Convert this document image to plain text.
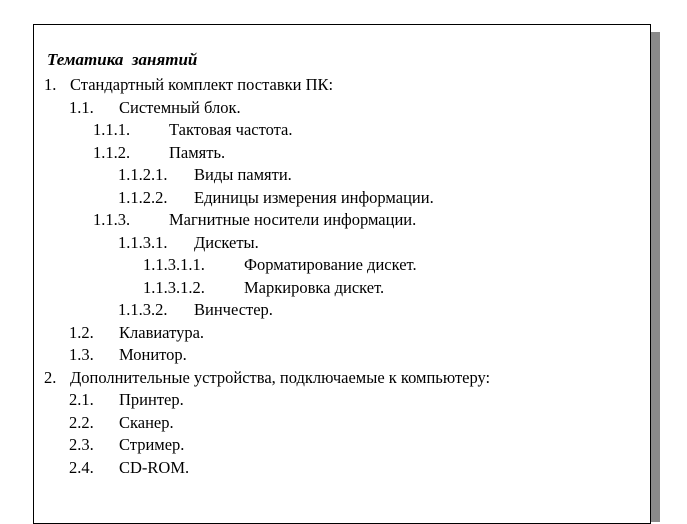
Тематика  занятий
1. Стандартный комплект поставки ПК:
1.1. Системный блок.
1.1.1. Тактовая частота.
1.1.2. Память.
1.1.2.1. Виды памяти.
1.1.2.2. Единицы измерения информации.
1.1.3. Магнитные носители информации.
1.1.3.1. Дискеты.
1.1.3.1.1. Форматирование дискет.
1.1.3.1.2. Маркировка дискет.
1.1.3.2. Винчестер.
1.2. Клавиатура.
1.3. Монитор.
2. Дополнительные устройства, подключаемые к компьютеру:
2.1. Принтер.
2.2. Сканер.
2.3. Стример.
2.4. CD-ROM.
